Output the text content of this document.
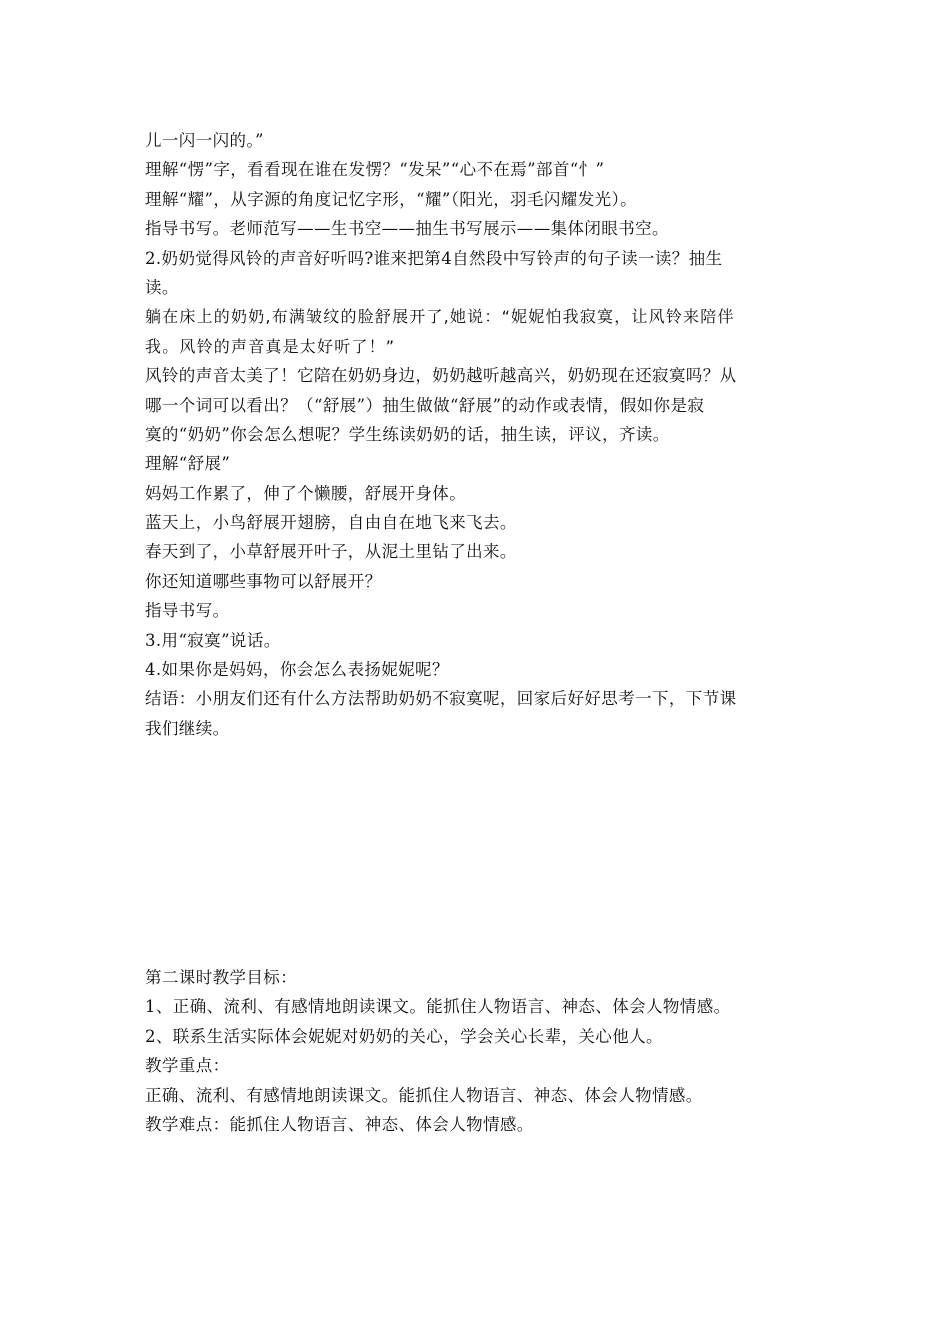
儿一闪一闪的。”
理解“愣”字，看看现在谁在发愣？“发呆”“心不在焉”部首“忄”
理解“耀”，从字源的角度记忆字形，“耀”（阳光，羽毛闪耀发光）。
指导书写。老师范写——生书空——抽生书写展示——集体闭眼书空。
2.奶奶觉得风铃的声音好听吗?谁来把第4自然段中写铃声的句子读一读？抽生
读。
躺在床上的奶奶,布满皱纹的脸舒展开了,她说：“妮妮怕我寂寞，让风铃来陪伴
我。风铃的声音真是太好听了！”
风铃的声音太美了！它陪在奶奶身边，奶奶越听越高兴，奶奶现在还寂寞吗？从
哪一个词可以看出？（“舒展”）抽生做做“舒展”的动作或表情，假如你是寂
寞的“奶奶”你会怎么想呢？学生练读奶奶的话，抽生读，评议，齐读。
理解“舒展”
妈妈工作累了，伸了个懒腰，舒展开身体。
蓝天上，小鸟舒展开翅膀，自由自在地飞来飞去。
春天到了，小草舒展开叶子，从泥土里钻了出来。
你还知道哪些事物可以舒展开？
指导书写。
3.用“寂寞”说话。
4.如果你是妈妈，你会怎么表扬妮妮呢？
结语：小朋友们还有什么方法帮助奶奶不寂寞呢，回家后好好思考一下，下节课
我们继续。
第二课时教学目标：
1、正确、流利、有感情地朗读课文。能抓住人物语言、神态、体会人物情感。
2、联系生活实际体会妮妮对奶奶的关心，学会关心长辈，关心他人。
教学重点：
正确、流利、有感情地朗读课文。能抓住人物语言、神态、体会人物情感。
教学难点：能抓住人物语言、神态、体会人物情感。
